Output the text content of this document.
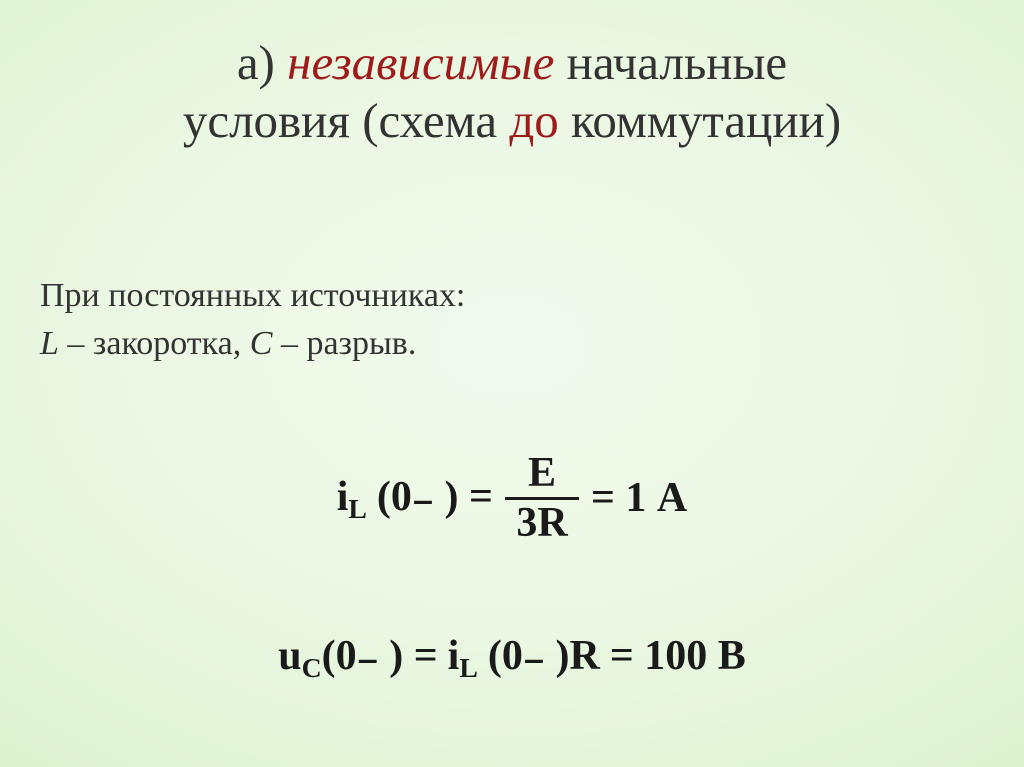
а) независимые начальные
условия (схема до коммутации)
При постоянных источниках:
L – закоротка, C – разрыв.
$i_L$ (0₋ ) = $\frac{E}{3R} = 1$ А
$u_C(0_-$ ) = $i_L$ (0₋ )R = 100 В
